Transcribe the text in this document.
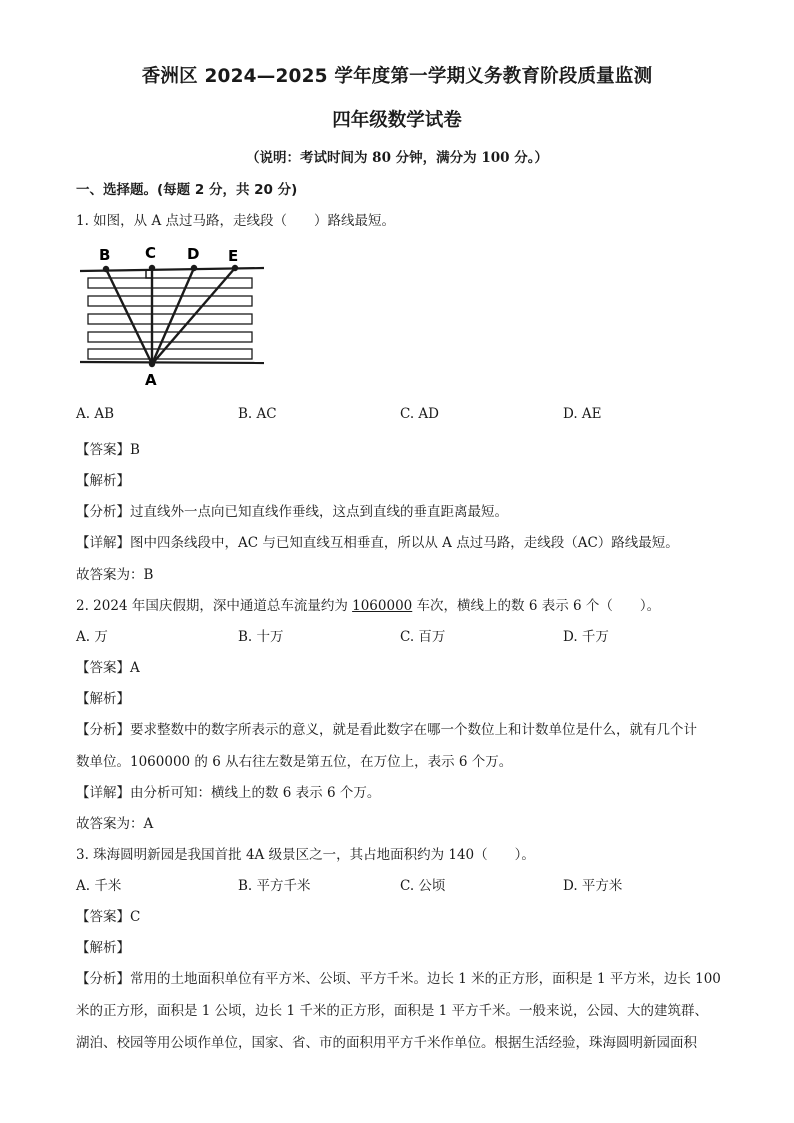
香洲区 2024—2025 学年度第一学期义务教育阶段质量监测
四年级数学试卷
（说明：考试时间为 80 分钟，满分为 100 分。）
一、选择题。(每题 2 分，共 20 分)
1. 如图，从 A 点过马路，走线段（　　）路线最短。
B C D E
A
A. AB	B. AC	C. AD	D. AE
【答案】B
【解析】
【分析】过直线外一点向已知直线作垂线，这点到直线的垂直距离最短。
【详解】图中四条线段中，AC 与已知直线互相垂直，所以从 A 点过马路，走线段（AC）路线最短。
故答案为：B
2. 2024 年国庆假期，深中通道总车流量约为 1060000 车次，横线上的数 6 表示 6 个（　　）。
A. 万	B. 十万	C. 百万	D. 千万
【答案】A
【解析】
【分析】要求整数中的数字所表示的意义，就是看此数字在哪一个数位上和计数单位是什么，就有几个计
数单位。1060000 的 6 从右往左数是第五位，在万位上，表示 6 个万。
【详解】由分析可知：横线上的数 6 表示 6 个万。
故答案为：A
3. 珠海圆明新园是我国首批 4A 级景区之一，其占地面积约为 140（　　）。
A. 千米	B. 平方千米	C. 公顷	D. 平方米
【答案】C
【解析】
【分析】常用的土地面积单位有平方米、公顷、平方千米。边长 1 米的正方形，面积是 1 平方米，边长 100
米的正方形，面积是 1 公顷，边长 1 千米的正方形，面积是 1 平方千米。一般来说，公园、大的建筑群、
湖泊、校园等用公顷作单位，国家、省、市的面积用平方千米作单位。根据生活经验，珠海圆明新园面积
